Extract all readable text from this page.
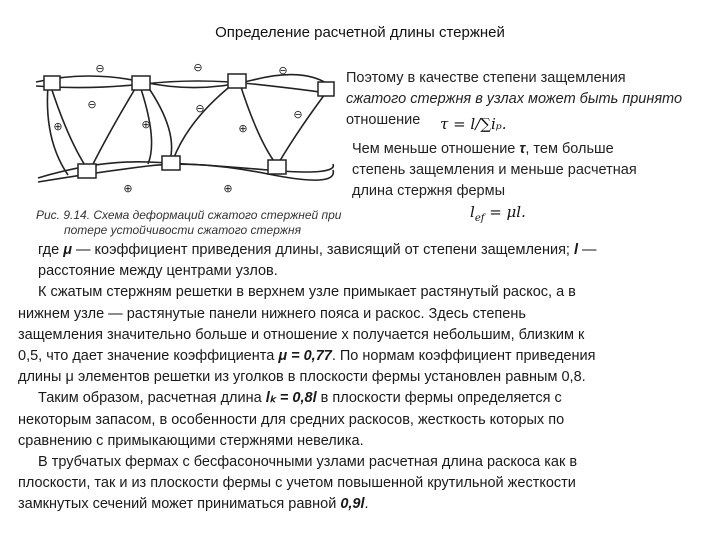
Определение расчетной длины стержней
⊖	⊖	⊖
⊖	⊖	⊖
⊕	⊕	⊕
⊕	⊕
Рис. 9.14. Схема деформаций сжатого стержней при
потере устойчивости сжатого стержня
Поэтому в качестве степени защемления
сжатого стержня в узлах может быть принято
отношение τ = l/∑iₚ.
Чем меньше отношение τ, тем больше
степень защемления и меньше расчетная
длина стержня фермы
$l_{ef} = \mu l$.

где μ — коэффициент приведения длины, зависящий от степени защемления; l —

расстояние между центрами узлов.

К сжатым стержням решетки в верхнем узле примыкает растянутый раскос, а в

нижнем узле — растянутые панели нижнего пояса и раскос. Здесь степень

защемления значительно больше и отношение x получается небольшим, близким к

0,5, что дает значение коэффициента μ = 0,77. По нормам коэффициент приведения

длины μ элементов решетки из уголков в плоскости фермы установлен равным 0,8.

Таким образом, расчетная длина lₖ = 0,8l в плоскости фермы определяется с

некоторым запасом, в особенности для средних раскосов, жесткость которых по

сравнению с примыкающими стержнями невелика.

В трубчатых фермах с бесфасоночными узлами расчетная длина раскоса как в

плоскости, так и из плоскости фермы с учетом повышенной крутильной жесткости

замкнутых сечений может приниматься равной 0,9l.
